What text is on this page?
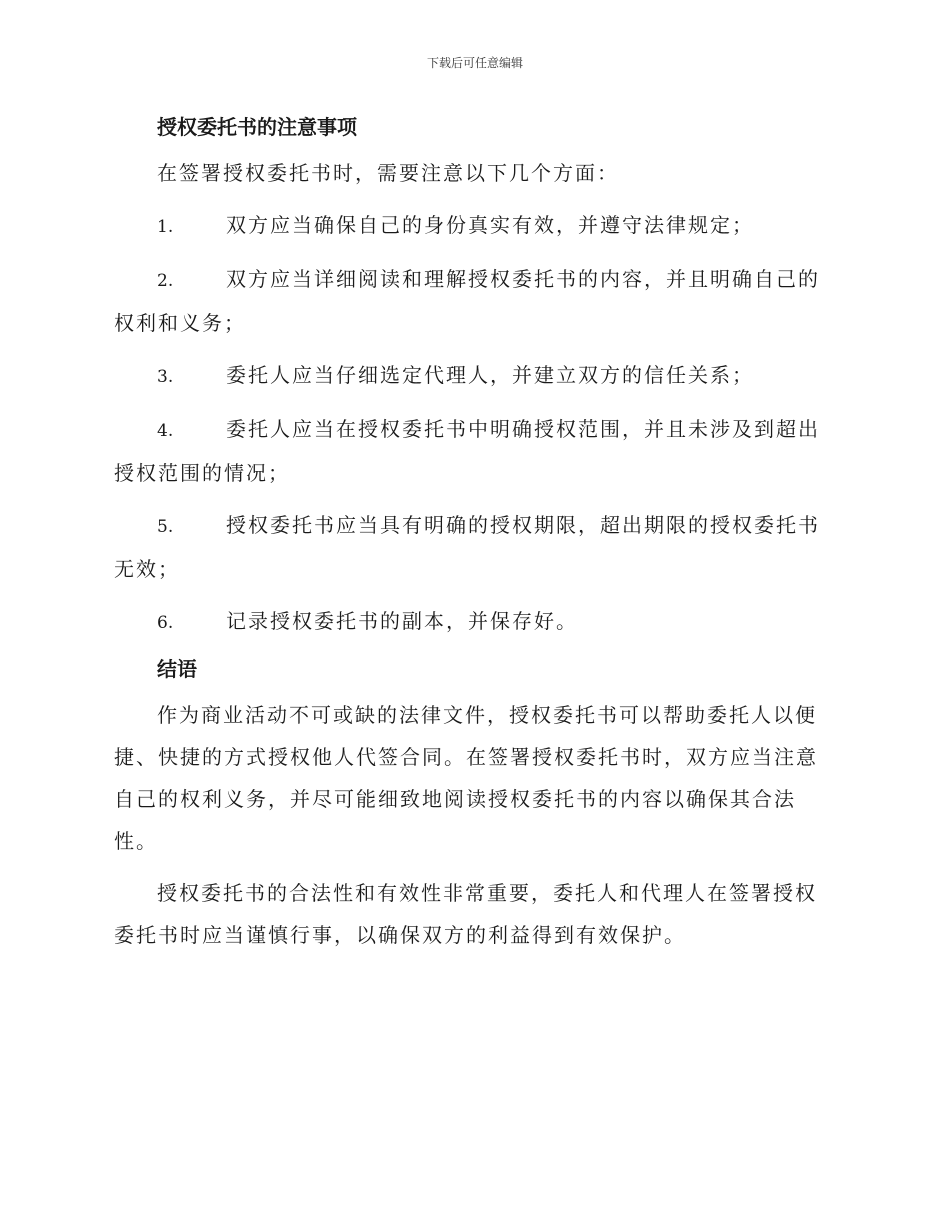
下载后可任意编辑
授权委托书的注意事项

在签署授权委托书时，需要注意以下几个方面：

1.	双方应当确保自己的身份真实有效，并遵守法律规定；

2.	双方应当详细阅读和理解授权委托书的内容，并且明确自己的权利和义务；

3.	委托人应当仔细选定代理人，并建立双方的信任关系；

4.	委托人应当在授权委托书中明确授权范围，并且未涉及到超出授权范围的情况；

5.	授权委托书应当具有明确的授权期限，超出期限的授权委托书无效；

6.	记录授权委托书的副本，并保存好。

结语

作为商业活动不可或缺的法律文件，授权委托书可以帮助委托人以便捷、快捷的方式授权他人代签合同。在签署授权委托书时，双方应当注意自己的权利义务，并尽可能细致地阅读授权委托书的内容以确保其合法性。

授权委托书的合法性和有效性非常重要，委托人和代理人在签署授权委托书时应当谨慎行事，以确保双方的利益得到有效保护。
